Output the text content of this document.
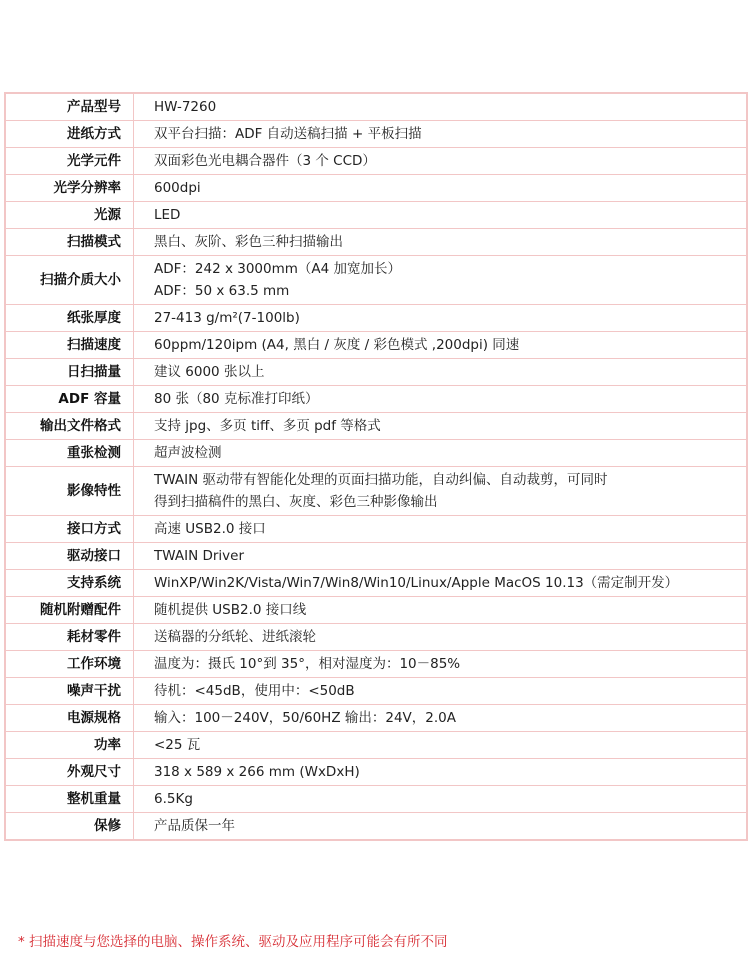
产品型号	HW-7260

进纸方式	双平台扫描：ADF 自动送稿扫描 + 平板扫描

光学元件	双面彩色光电耦合器件（3 个 CCD）

光学分辨率	600dpi

光源	LED

扫描模式	黑白、灰阶、彩色三种扫描输出

扫描介质大小	ADF：242 x 3000mm（A4 加宽加长）
ADF：50 x 63.5 mm

纸张厚度	27-413 g/m²(7-100lb)

扫描速度	60ppm/120ipm (A4, 黑白 / 灰度 / 彩色模式 ,200dpi) 同速

日扫描量	建议 6000 张以上

ADF 容量	80 张（80 克标准打印纸）

输出文件格式	支持 jpg、多页 tiff、多页 pdf 等格式

重张检测	超声波检测

影像特性	TWAIN 驱动带有智能化处理的页面扫描功能，自动纠偏、自动裁剪，可同时
得到扫描稿件的黑白、灰度、彩色三种影像输出

接口方式	高速 USB2.0 接口

驱动接口	TWAIN Driver

支持系统	WinXP/Win2K/Vista/Win7/Win8/Win10/Linux/Apple MacOS 10.13（需定制开发）

随机附赠配件	随机提供 USB2.0 接口线

耗材零件	送稿器的分纸轮、进纸滚轮

工作环境	温度为：摄氏 10°到 35°，相对湿度为：10－85%

噪声干扰	待机：<45dB，使用中：<50dB

电源规格	输入：100－240V，50/60HZ 输出：24V，2.0A

功率	<25 瓦

外观尺寸	318 x 589 x 266 mm (WxDxH)

整机重量	6.5Kg

保修	产品质保一年
* 扫描速度与您选择的电脑、操作系统、驱动及应用程序可能会有所不同
